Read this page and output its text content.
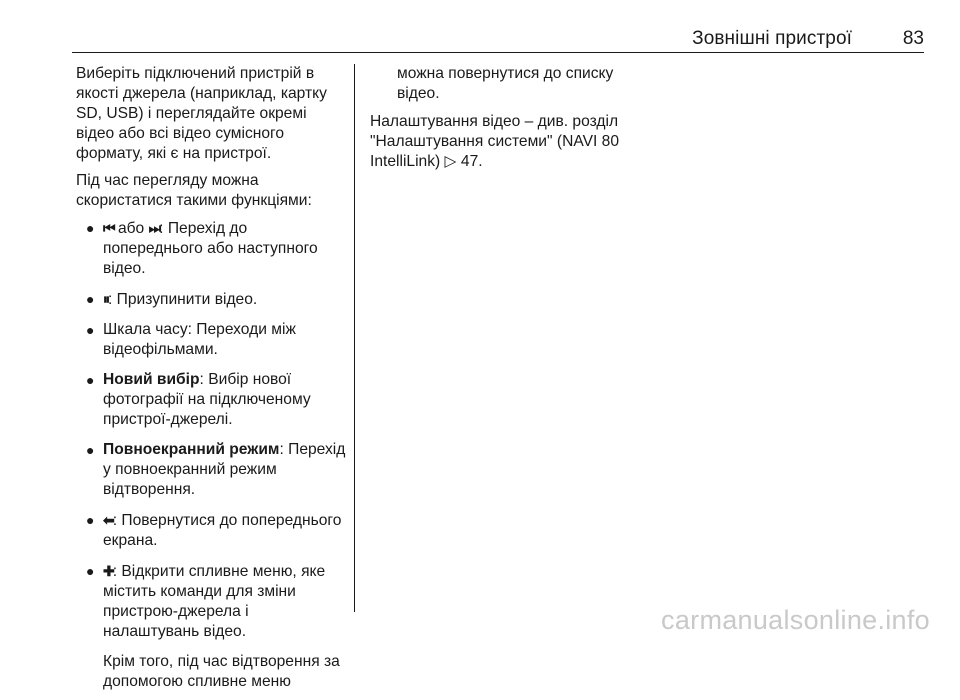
Зовнішні пристрої	83

Виберіть підключений пристрій в якості джерела (наприклад, картку SD, USB) і переглядайте окремі відео або всі відео сумісного формату, які є на пристрої.

Під час перегляду можна скористатися такими функціями:

● ⏮ або ⏭: Перехід до попереднього або наступного відео.
● ⏸: Призупинити відео.
● Шкала часу: Переходи між відеофільмами.
● Новий вибір: Вибір нової фотографії на підключеному пристрої-джерелі.
● Повноекранний режим: Перехід у повноекранний режим відтворення.
● ⬅: Повернутися до попереднього екрана.
● ✚: Відкрити спливне меню, яке містить команди для зміни пристрою-джерела і налаштувань відео.
Крім того, під час відтворення за допомогою спливне меню
можна повернутися до списку відео.

Налаштування відео – див. розділ "Налаштування системи" (NAVI 80 IntelliLink) ▷ 47.

carmanualsonline.info
